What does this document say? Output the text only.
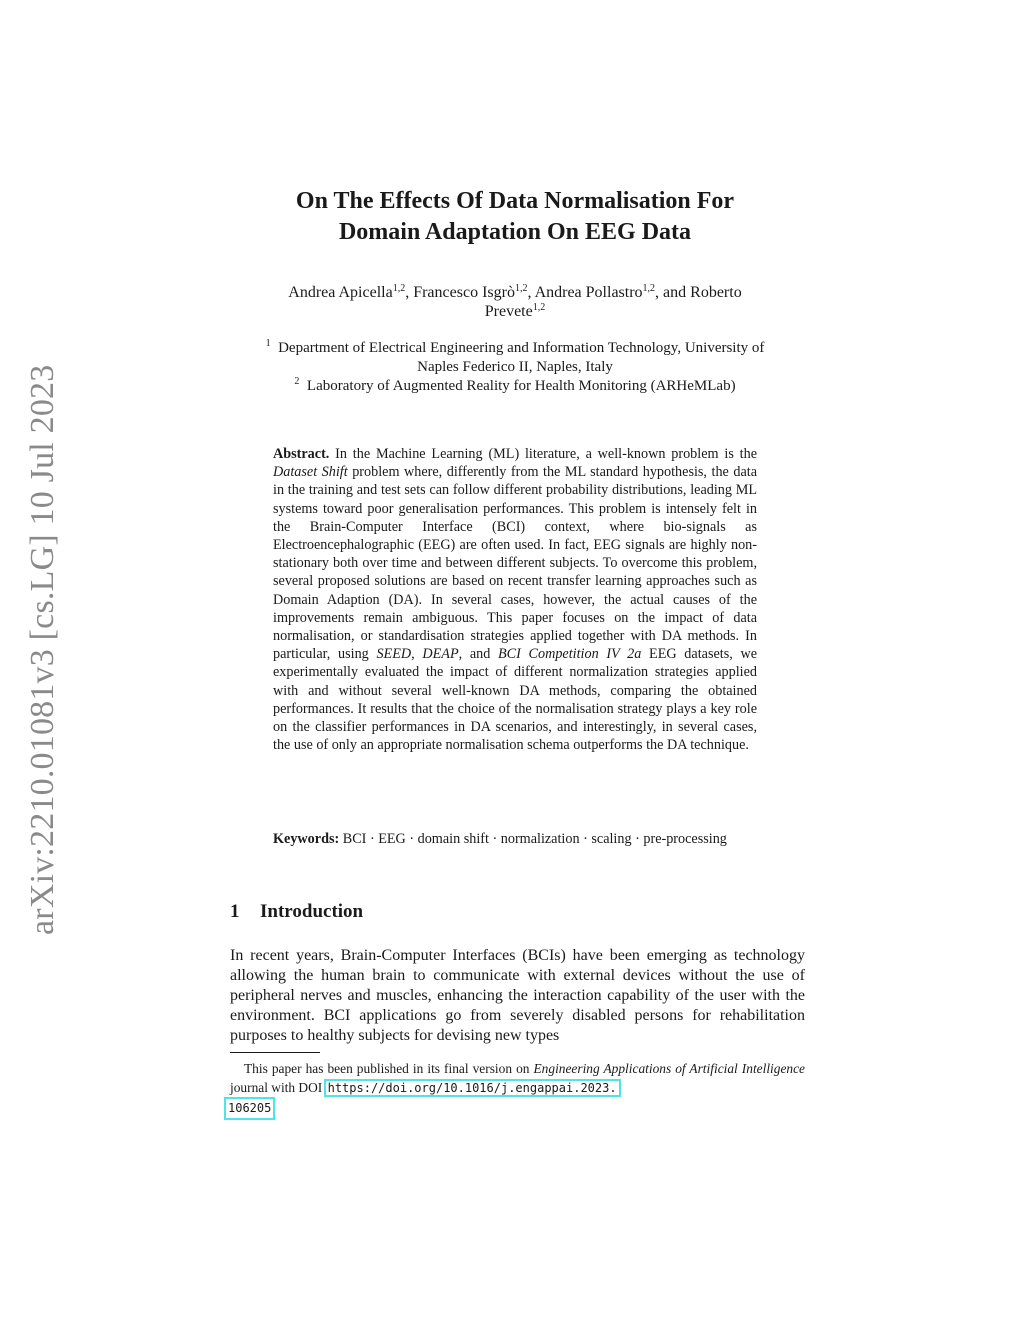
arXiv:2210.01081v3 [cs.LG] 10 Jul 2023
On The Effects Of Data Normalisation For
Domain Adaptation On EEG Data
Andrea Apicella$^{1,2}$, Francesco Isgrò$^{1,2}$, Andrea Pollastro$^{1,2}$, and Roberto
Prevete$^{1,2}$
$^1$ Department of Electrical Engineering and Information Technology, University of
Naples Federico II, Naples, Italy
$^2$ Laboratory of Augmented Reality for Health Monitoring (ARHeMLab)
Abstract. In the Machine Learning (ML) literature, a well-known problem is the Dataset Shift problem where, differently from the ML standard hypothesis, the data in the training and test sets can follow different probability distributions, leading ML systems toward poor generalisation performances. This problem is intensely felt in the Brain-Computer Interface (BCI) context, where bio-signals as Electroencephalographic (EEG) are often used. In fact, EEG signals are highly non-stationary both over time and between different subjects. To overcome this problem, several proposed solutions are based on recent transfer learning approaches such as Domain Adaption (DA). In several cases, however, the actual causes of the improvements remain ambiguous. This paper focuses on the impact of data normalisation, or standardisation strategies applied together with DA methods. In particular, using SEED, DEAP, and BCI Competition IV 2a EEG datasets, we experimentally evaluated the impact of different normalization strategies applied with and without several well-known DA methods, comparing the obtained performances. It results that the choice of the normalisation strategy plays a key role on the classifier performances in DA scenarios, and interestingly, in several cases, the use of only an appropriate normalisation schema outperforms the DA technique.
Keywords: BCI · EEG · domain shift · normalization · scaling · pre-processing
1 Introduction
In recent years, Brain-Computer Interfaces (BCIs) have been emerging as technology allowing the human brain to communicate with external devices without the use of peripheral nerves and muscles, enhancing the interaction capability of the user with the environment. BCI applications go from severely disabled persons for rehabilitation purposes to healthy subjects for devising new types
This paper has been published in its final version on Engineering Applications of Artificial Intelligence journal with DOI https://doi.org/10.1016/j.engappai.2023.
106205
